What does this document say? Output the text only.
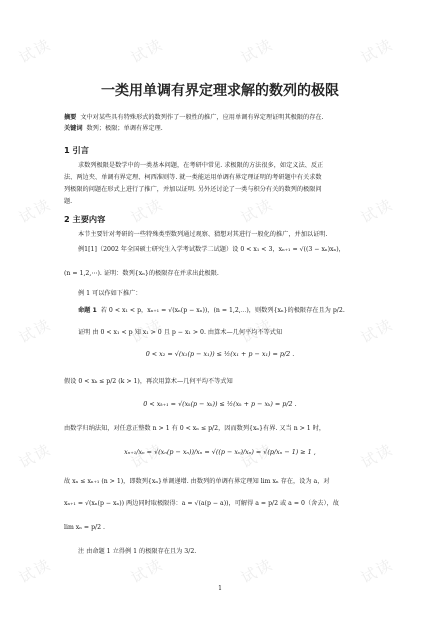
试读	试读	试读	试读
试读	试读	试读	试读
试读	试读	试读	试读
试读	试读	试读	试读
试读	试读	试读	试读
一类用单调有界定理求解的数列的极限
摘要 文中对某些具有特殊形式的数列作了一般性的推广，应用单调有界定理证明其极限的存在.
关键词 数列；极限；单调有界定理.
1 引言
求数列极限是数学中的一类基本问题，在考研中常见. 求极限的方法很多，如定义法、反正
法、两边夹、单调有界定理、柯西准则等. 就一类能运用单调有界定理证明的考研题中有关求数
列极限的问题在形式上进行了推广，并加以证明. 另外还讨论了一类与积分有关的数列的极限问
题.
2 主要内容
本节主要针对考研的一些特殊类型数列通过观察、猜想对其进行一般化的推广，并加以证明.
例1[1]（2002 年全国硕士研究生入学考试数学二试题）设 0 < x₁ < 3，xₙ₊₁ = √((3 − xₙ)xₙ)，
(n = 1,2,⋯). 证明：数列{xₙ}的极限存在并求出此极限.
例 1 可以作如下推广：
命题 1 若 0 < x₁ < p，xₙ₊₁ = √(xₙ(p − xₙ))，(n = 1,2,⋯)，则数列{xₙ}的极限存在且为 p/2.
证明 由 0 < x₁ < p 知 x₁ > 0 且 p − x₁ > 0. 由算术—几何平均不等式知
0 < x₂ = √(x₁(p − x₁)) ≤ ½(x₁ + p − x₁) = p/2 .
假设 0 < xₖ ≤ p/2 (k > 1)，再次用算术—几何平均不等式知
0 < xₖ₊₁ = √(xₖ(p − xₖ)) ≤ ½(xₖ + p − xₖ) = p/2 .
由数学归纳法知，对任意正整数 n > 1 有 0 < xₙ ≤ p/2，因而数列{xₙ}有界. 又当 n > 1 时，
xₙ₊₁/xₙ = √(xₙ(p − xₙ))/xₙ = √((p − xₙ)/xₙ) = √(p/xₙ − 1) ≥ 1 ,
故 xₙ ≤ xₙ₊₁ (n > 1)，即数列{xₙ}单调递增. 由数列的单调有界定理知 lim xₙ 存在，设为 a，对
xₙ₊₁ = √(xₙ(p − xₙ)) 两边同时取极限得：a = √(a(p − a))，可解得 a = p/2 或 a = 0（舍去），故
lim xₙ = p/2 .
注 由命题 1 立得例 1 的极限存在且为 3/2.
1
